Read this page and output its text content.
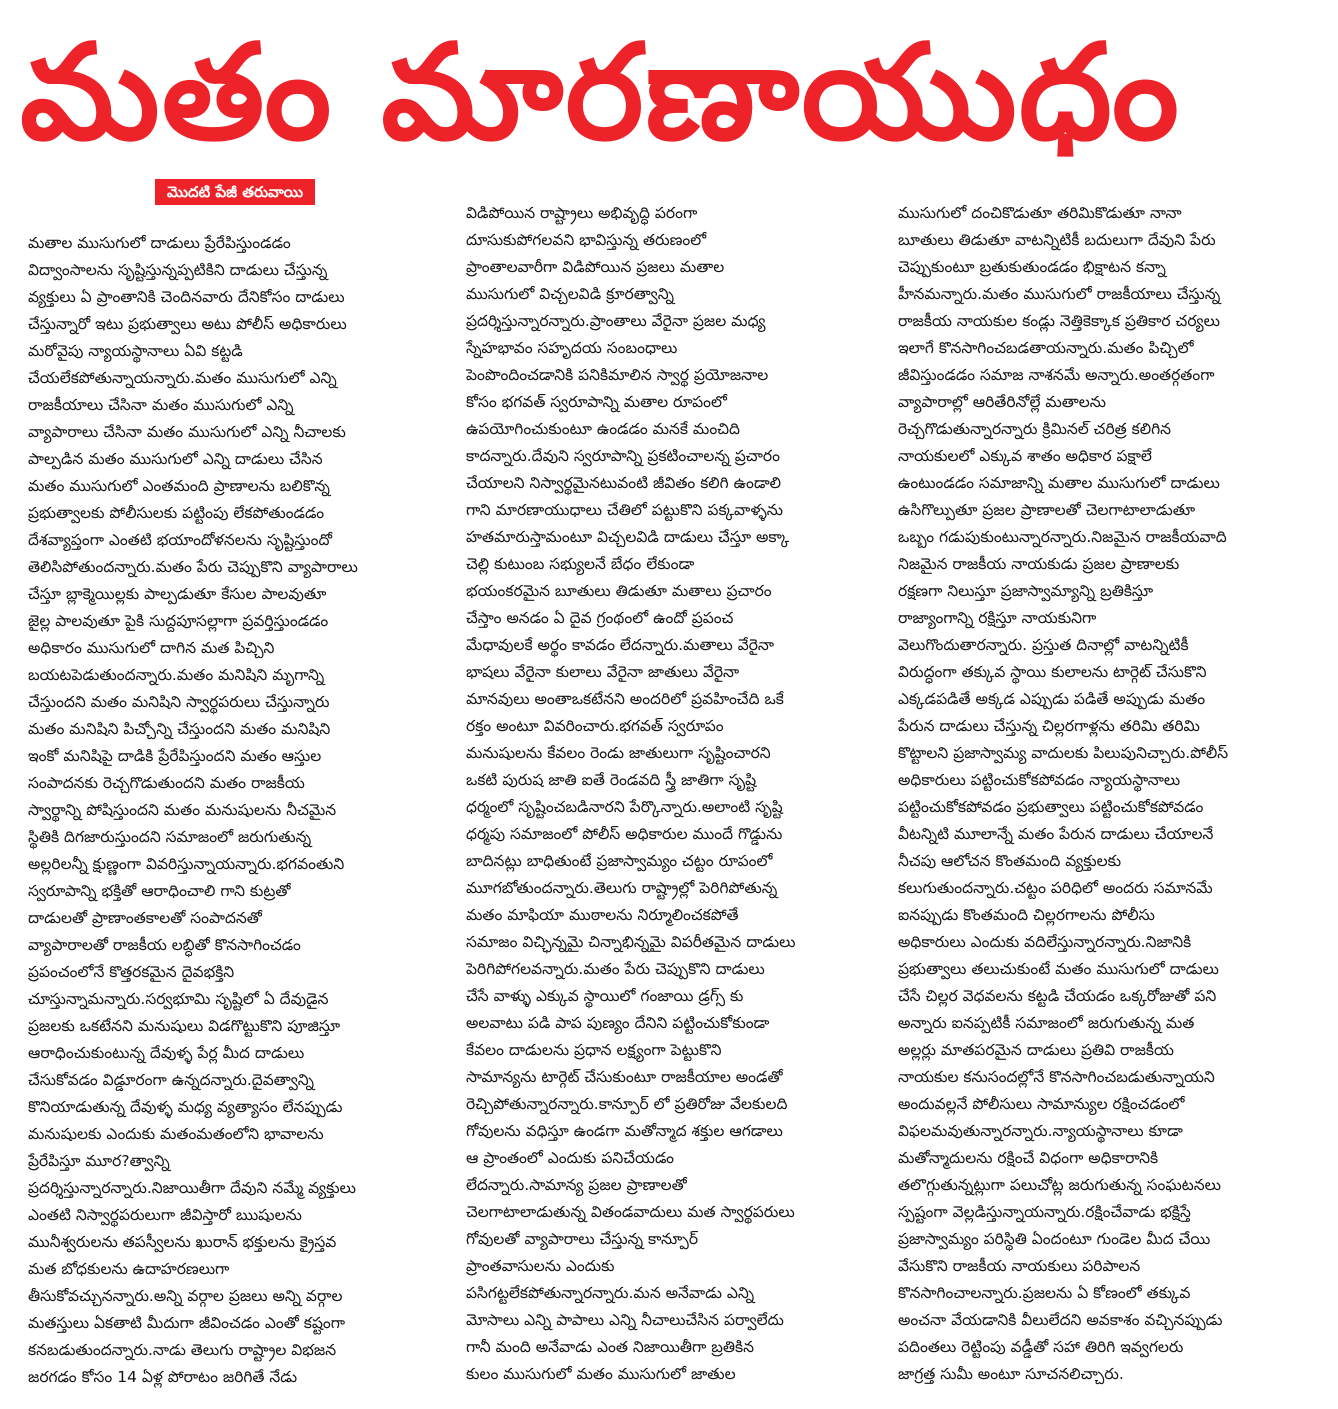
మతం మారణాయుధం
మొదటి పేజీ తరువాయి
మతాల ముసుగులో దాడులు ప్రేరేపిస్తుండడం
విద్వాంసాలను సృష్టిస్తున్నప్పటికిని దాడులు చేస్తున్న
వ్యక్తులు ఏ ప్రాంతానికి చెందినవారు దేనికోసం దాడులు
చేస్తున్నారో ఇటు ప్రభుత్వాలు అటు పోలీస్ అధికారులు
మరోవైపు న్యాయస్థానాలు ఏవి కట్టడి
చేయలేకపోతున్నాయన్నారు.మతం ముసుగులో ఎన్ని
రాజకీయాలు చేసినా మతం ముసుగులో ఎన్ని
వ్యాపారాలు చేసినా మతం ముసుగులో ఎన్ని నీచాలకు
పాల్పడిన మతం ముసుగులో ఎన్ని దాడులు చేసిన
మతం ముసుగులో ఎంతమంది ప్రాణాలను బలికొన్న
ప్రభుత్వాలకు పోలీసులకు పట్టింపు లేకపోతుండడం
దేశవ్యాప్తంగా ఎంతటి భయాందోళనలను సృష్టిస్తుందో
తెలిసిపోతుందన్నారు.మతం పేరు చెప్పుకొని వ్యాపారాలు
చేస్తూ బ్లాక్మెయిల్లకు పాల్పడుతూ కేసుల పాలవుతూ
జైల్ల పాలవుతూ పైకి సుద్దపూసల్లాగా ప్రవర్తిస్తుండడం
అధికారం ముసుగులో దాగిన మత పిచ్చిని
బయటపెడుతుందన్నారు.మతం మనిషిని మృగాన్ని
చేస్తుందని మతం మనిషిని స్వార్థపరులు చేస్తున్నారు
మతం మనిషిని పిచ్చోన్ని చేస్తుందని మతం మనిషిని
ఇంకో మనిషిపై దాడికి ప్రేరేపిస్తుందని మతం ఆస్తుల
సంపాదనకు రెచ్చగొడుతుందని మతం రాజకీయ
స్వార్థాన్ని పోషిస్తుందని మతం మనుషులను నీచమైన
స్థితికి దిగజారుస్తుందని సమాజంలో జరుగుతున్న
అల్లరిలన్నీ క్షుణ్ణంగా వివరిస్తున్నాయన్నారు.భగవంతుని
స్వరూపాన్ని భక్తితో ఆరాధించాలి గాని కుట్రతో
దాడులతో ప్రాణాంతకాలతో సంపాదనతో
వ్యాపారాలతో రాజకీయ లబ్ధితో కొనసాగించడం
ప్రపంచంలోనే కొత్తరకమైన దైవభక్తిని
చూస్తున్నామన్నారు.సర్వభూమి సృష్టిలో ఏ దేవుడైన
ప్రజలకు ఒకటేనని మనుషులు విడగొట్టుకొని పూజిస్తూ
ఆరాధించుకుంటున్న దేవుళ్ళ పేర్ల మీద దాడులు
చేసుకోవడం విడ్డూరంగా ఉన్నదన్నారు.దైవత్వాన్ని
కొనియాడుతున్న దేవుళ్ళ మధ్య వ్యత్యాసం లేనప్పుడు
మనుషులకు ఎందుకు మతంమతంలోని భావాలను
ప్రేరేపిస్తూ మూర?త్వాన్ని
ప్రదర్శిస్తున్నారన్నారు.నిజాయితీగా దేవుని నమ్మే వ్యక్తులు
ఎంతటి నిస్వార్థపరులుగా జీవిస్తారో ఋషులను
మునీశ్వరులను తపస్వీలను ఖురాన్ భక్తులను క్రైస్తవ
మత బోధకులను ఉదాహరణలుగా
తీసుకోవచ్చునన్నారు.అన్ని వర్గాల ప్రజలు అన్ని వర్గాల
మతస్తులు ఏకతాటి మీదుగా జీవించడం ఎంతో కష్టంగా
కనబడుతుందన్నారు.నాడు తెలుగు రాష్ట్రాల విభజన
జరగడం కోసం 14 ఏళ్ల పోరాటం జరిగితే నేడు
విడిపోయిన రాష్ట్రాలు అభివృద్ధి పరంగా
దూసుకుపోగలవని భావిస్తున్న తరుణంలో
ప్రాంతాలవారీగా విడిపోయిన ప్రజలు మతాల
ముసుగులో విచ్చలవిడి క్రూరత్వాన్ని
ప్రదర్శిస్తున్నారన్నారు.ప్రాంతాలు వేరైనా ప్రజల మధ్య
స్నేహభావం సహృదయ సంబంధాలు
పెంపొందించడానికి పనికిమాలిన స్వార్థ ప్రయోజనాల
కోసం భగవత్ స్వరూపాన్ని మతాల రూపంలో
ఉపయోగించుకుంటూ ఉండడం మనకే మంచిది
కాదన్నారు.దేవుని స్వరూపాన్ని ప్రకటించాలన్న ప్రచారం
చేయాలని నిస్వార్థమైనటువంటి జీవితం కలిగి ఉండాలి
గాని మారణాయుధాలు చేతిలో పట్టుకొని పక్కవాళ్ళను
హతమారుస్తామంటూ విచ్చలవిడి దాడులు చేస్తూ అక్కా
చెల్లి కుటుంబ సభ్యులనే బేధం లేకుండా
భయంకరమైన బూతులు తిడుతూ మతాలు ప్రచారం
చేస్తాం అనడం ఏ దైవ గ్రంథంలో ఉందో ప్రపంచ
మేధావులకే అర్థం కావడం లేదన్నారు.మతాలు వేరైనా
భాషలు వేరైనా కులాలు వేరైనా జాతులు వేరైనా
మానవులు అంతాఒకటేనని అందరిలో ప్రవహించేది ఒకే
రక్తం అంటూ వివరించారు.భగవత్ స్వరూపం
మనుషులను కేవలం రెండు జాతులుగా సృష్టించారని
ఒకటి పురుష జాతి ఐతే రెండవది స్త్రీ జాతిగా సృష్టి
ధర్మంలో సృష్టించబడినారని పేర్కొన్నారు.అలాంటి సృష్టి
ధర్మపు సమాజంలో పోలీస్ అధికారుల ముందే గొడ్డును
బాదినట్లు బాధితుంటే ప్రజాస్వామ్యం చట్టం రూపంలో
మూగబోతుందన్నారు.తెలుగు రాష్ట్రాల్లో పెరిగిపోతున్న
మతం మాఫియా ముఠాలను నిర్మూలించకపోతే
సమాజం విచ్ఛిన్నమై చిన్నాభిన్నమై విపరీతమైన దాడులు
పెరిగిపోగలవన్నారు.మతం పేరు చెప్పుకొని దాడులు
చేసే వాళ్ళు ఎక్కువ స్థాయిలో గంజాయి డ్రగ్స్ కు
అలవాటు పడి పాప పుణ్యం దేనిని పట్టించుకోకుండా
కేవలం దాడులను ప్రధాన లక్ష్యంగా పెట్టుకొని
సామాన్యను టార్గెట్ చేసుకుంటూ రాజకీయాల అండతో
రెచ్చిపోతున్నారన్నారు.కాన్పూర్ లో ప్రతిరోజు వేలకులది
గోవులను వధిస్తూ ఉండగా మతోన్మాద శక్తుల ఆగడాలు
ఆ ప్రాంతంలో ఎందుకు పనిచేయడం
లేదన్నారు.సామాన్య ప్రజల ప్రాణాలతో
చెలగాటాలాడుతున్న వితండవాదులు మత స్వార్థపరులు
గోవులతో వ్యాపారాలు చేస్తున్న కాన్పూర్
ప్రాంతవాసులను ఎందుకు
పసిగట్టలేకపోతున్నారన్నారు.మన అనేవాడు ఎన్ని
మోసాలు ఎన్ని పాపాలు ఎన్ని నీచాలుచేసిన పర్వాలేదు
గానీ మంది అనేవాడు ఎంత నిజాయితీగా బ్రతికిన
కులం ముసుగులో మతం ముసుగులో జాతుల
ముసుగులో దంచికొడుతూ తరిమికొడుతూ నానా
బూతులు తిడుతూ వాటన్నిటికీ బదులుగా దేవుని పేరు
చెప్పుకుంటూ బ్రతుకుతుండడం భిక్షాటన కన్నా
హీనమన్నారు.మతం ముసుగులో రాజకీయాలు చేస్తున్న
రాజకీయ నాయకుల కండ్లు నెత్తికెక్కాక ప్రతికార చర్యలు
ఇలాగే కొనసాగించబడతాయన్నారు.మతం పిచ్చిలో
జీవిస్తుండడం సమాజ నాశనమే అన్నారు.అంతర్గతంగా
వ్యాపారాల్లో ఆరితేరినోల్లే మతాలను
రెచ్చగొడుతున్నారన్నారు క్రిమినల్ చరిత్ర కలిగిన
నాయకులలో ఎక్కువ శాతం అధికార పక్షాలే
ఉంటుండడం సమాజాన్ని మతాల ముసుగులో దాడులు
ఉసిగొల్పుతూ ప్రజల ప్రాణాలతో చెలగాటాలాడుతూ
ఒబ్బం గడుపుకుంటున్నారన్నారు.నిజమైన రాజకీయవాది
నిజమైన రాజకీయ నాయకుడు ప్రజల ప్రాణాలకు
రక్షణగా నిలుస్తూ ప్రజాస్వామ్యాన్ని బ్రతికిస్తూ
రాజ్యాంగాన్ని రక్షిస్తూ నాయకునిగా
వెలుగొందుతారన్నారు. ప్రస్తుత దినాల్లో వాటన్నిటికీ
విరుద్ధంగా తక్కువ స్థాయి కులాలను టార్గెట్ చేసుకొని
ఎక్కడపడితే అక్కడ ఎప్పుడు పడితే అప్పుడు మతం
పేరున దాడులు చేస్తున్న చిల్లరగాళ్లను తరిమి తరిమి
కొట్టాలని ప్రజాస్వామ్య వాదులకు పిలుపునిచ్చారు.పోలీస్
అధికారులు పట్టించుకోకపోవడం న్యాయస్థానాలు
పట్టించుకోకపోవడం ప్రభుత్వాలు పట్టించుకోకపోవడం
వీటన్నిటి మూలాన్నే మతం పేరున దాడులు చేయాలనే
నీచపు ఆలోచన కొంతమంది వ్యక్తులకు
కలుగుతుందన్నారు.చట్టం పరిధిలో అందరు సమానమే
ఐనప్పుడు కొంతమంది చిల్లరగాలను పోలీసు
అధికారులు ఎందుకు వదిలేస్తున్నారన్నారు.నిజానికి
ప్రభుత్వాలు తలుచుకుంటే మతం ముసుగులో దాడులు
చేసే చిల్లర వెధవలను కట్టడి చేయడం ఒక్కరోజుతో పని
అన్నారు ఐనప్పటికీ సమాజంలో జరుగుతున్న మత
అల్లర్లు మాతపరమైన దాడులు ప్రతివి రాజకీయ
నాయకుల కనుసందల్లోనే కొనసాగించబడుతున్నాయని
అందువల్లనే పోలీసులు సామాన్యుల రక్షించడంలో
విఫలమవుతున్నారన్నారు.న్యాయస్థానాలు కూడా
మతోన్మాదులను రక్షించే విధంగా అధికారానికి
తలొగ్గుతున్నట్లుగా పలుచోట్ల జరుగుతున్న సంఘటనలు
స్పష్టంగా వెల్లడిస్తున్నాయన్నారు.రక్షించేవాడు భక్షిస్తే
ప్రజాస్వామ్యం పరిస్థితి ఏందంటూ గుండెల మీద చేయి
వేసుకొని రాజకీయ నాయకులు పరిపాలన
కొనసాగించాలన్నారు.ప్రజలను ఏ కోణంలో తక్కువ
అంచనా వేయడానికి వీలులేదని అవకాశం వచ్చినప్పుడు
పదింతలు రెట్టింపు వడ్డీతో సహా తిరిగి ఇవ్వగలరు
జాగ్రత్త సుమీ అంటూ సూచనలిచ్చారు.
